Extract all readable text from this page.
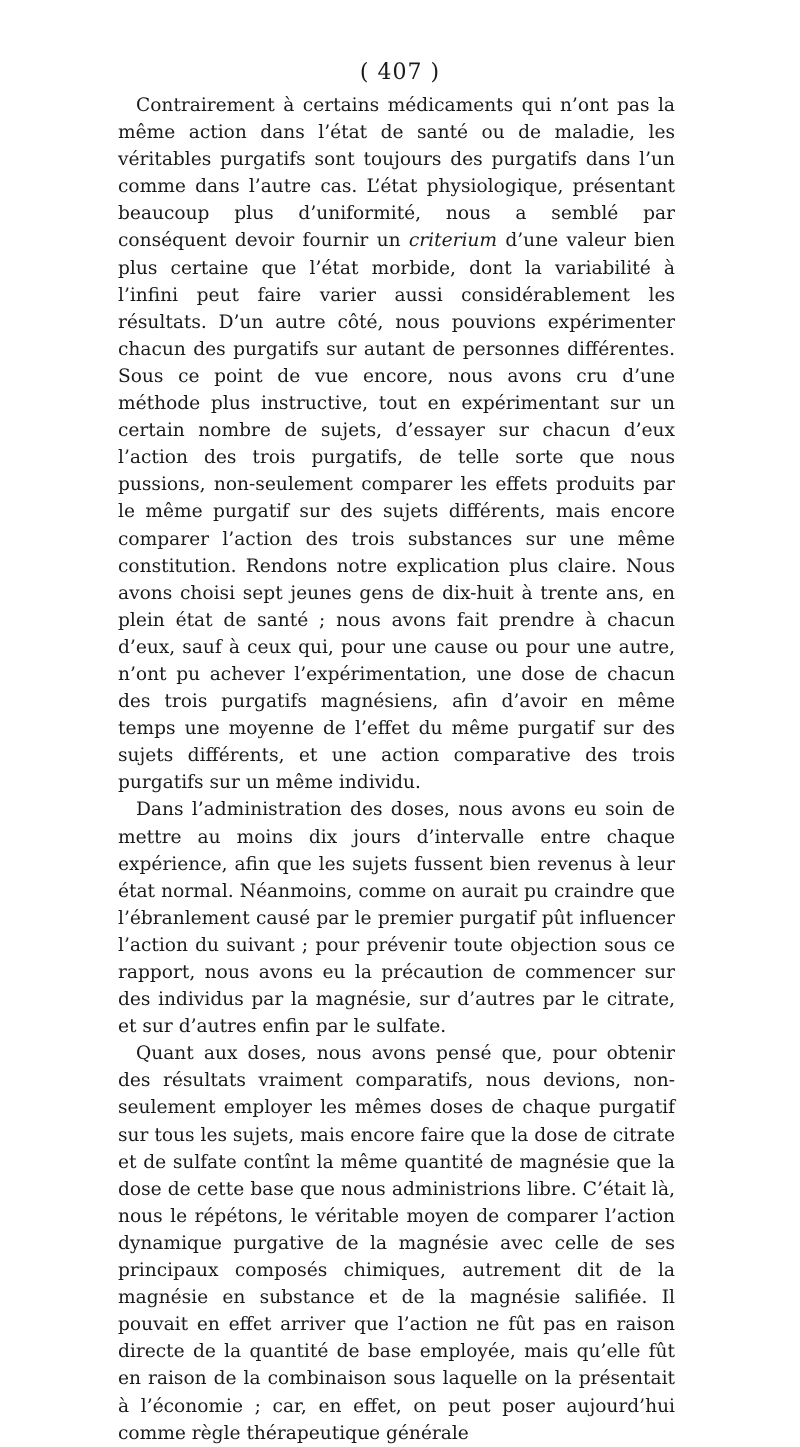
( 407 )

Contrairement à certains médicaments qui n’ont pas la même action dans l’état de santé ou de maladie, les véritables purgatifs sont toujours des purgatifs dans l’un comme dans l’autre cas. L’état physiologique, présentant beaucoup plus d’uniformité, nous a semblé par conséquent devoir fournir un criterium d’une valeur bien plus certaine que l’état morbide, dont la variabilité à l’infini peut faire varier aussi considérablement les résultats. D’un autre côté, nous pouvions expérimenter chacun des purgatifs sur autant de personnes différentes. Sous ce point de vue encore, nous avons cru d’une méthode plus instructive, tout en expérimentant sur un certain nombre de sujets, d’essayer sur chacun d’eux l’action des trois purgatifs, de telle sorte que nous pussions, non-seulement comparer les effets produits par le même purgatif sur des sujets différents, mais encore comparer l’action des trois substances sur une même constitution. Rendons notre explication plus claire. Nous avons choisi sept jeunes gens de dix-huit à trente ans, en plein état de santé ; nous avons fait prendre à chacun d’eux, sauf à ceux qui, pour une cause ou pour une autre, n’ont pu achever l’expérimentation, une dose de chacun des trois purgatifs magnésiens, afin d’avoir en même temps une moyenne de l’effet du même purgatif sur des sujets différents, et une action comparative des trois purgatifs sur un même individu.

Dans l’administration des doses, nous avons eu soin de mettre au moins dix jours d’intervalle entre chaque expérience, afin que les sujets fussent bien revenus à leur état normal. Néanmoins, comme on aurait pu craindre que l’ébranlement causé par le premier purgatif pût influencer l’action du suivant ; pour prévenir toute objection sous ce rapport, nous avons eu la précaution de commencer sur des individus par la magnésie, sur d’autres par le citrate, et sur d’autres enfin par le sulfate.

Quant aux doses, nous avons pensé que, pour obtenir des résultats vraiment comparatifs, nous devions, non-seulement employer les mêmes doses de chaque purgatif sur tous les sujets, mais encore faire que la dose de citrate et de sulfate contînt la même quantité de magnésie que la dose de cette base que nous administrions libre. C’était là, nous le répétons, le véritable moyen de comparer l’action dynamique purgative de la magnésie avec celle de ses principaux composés chimiques, autrement dit de la magnésie en substance et de la magnésie salifiée. Il pouvait en effet arriver que l’action ne fût pas en raison directe de la quantité de base employée, mais qu’elle fût en raison de la combinaison sous laquelle on la présentait à l’économie ; car, en effet, on peut poser aujourd’hui comme règle thérapeutique générale
